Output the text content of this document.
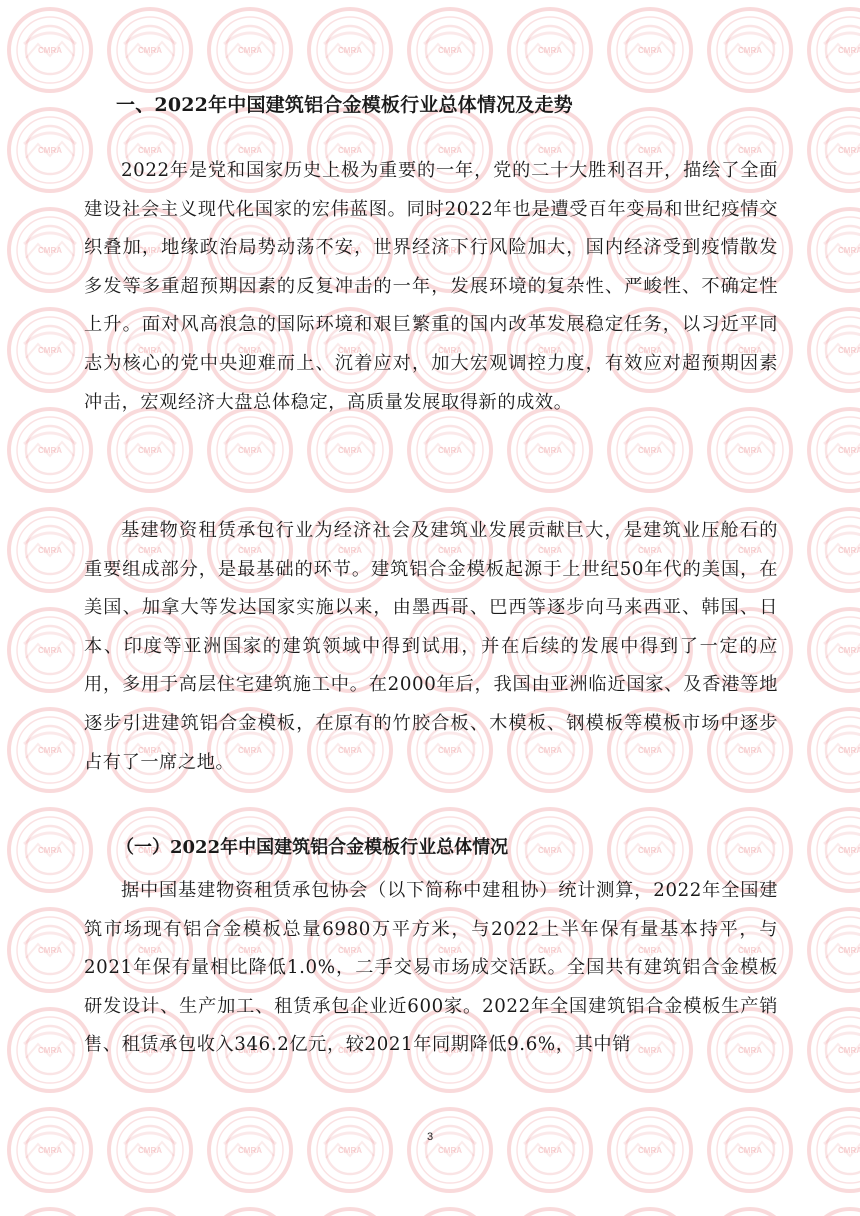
一、2022年中国建筑铝合金模板行业总体情况及走势

2022年是党和国家历史上极为重要的一年，党的二十大胜利召开，描绘了全面建设社会主义现代化国家的宏伟蓝图。同时2022年也是遭受百年变局和世纪疫情交织叠加，地缘政治局势动荡不安，世界经济下行风险加大，国内经济受到疫情散发多发等多重超预期因素的反复冲击的一年，发展环境的复杂性、严峻性、不确定性上升。面对风高浪急的国际环境和艰巨繁重的国内改革发展稳定任务，以习近平同志为核心的党中央迎难而上、沉着应对，加大宏观调控力度，有效应对超预期因素冲击，宏观经济大盘总体稳定，高质量发展取得新的成效。

基建物资租赁承包行业为经济社会及建筑业发展贡献巨大，是建筑业压舱石的重要组成部分，是最基础的环节。建筑铝合金模板起源于上世纪50年代的美国，在美国、加拿大等发达国家实施以来，由墨西哥、巴西等逐步向马来西亚、韩国、日本、印度等亚洲国家的建筑领域中得到试用，并在后续的发展中得到了一定的应用，多用于高层住宅建筑施工中。在2000年后，我国由亚洲临近国家、及香港等地逐步引进建筑铝合金模板，在原有的竹胶合板、木模板、钢模板等模板市场中逐步占有了一席之地。

（一）2022年中国建筑铝合金模板行业总体情况

据中国基建物资租赁承包协会（以下简称中建租协）统计测算，2022年全国建筑市场现有铝合金模板总量6980万平方米，与2022上半年保有量基本持平，与2021年保有量相比降低1.0%，二手交易市场成交活跃。全国共有建筑铝合金模板研发设计、生产加工、租赁承包企业近600家。2022年全国建筑铝合金模板生产销售、租赁承包收入346.2亿元，较2021年同期降低9.6%，其中销

3
